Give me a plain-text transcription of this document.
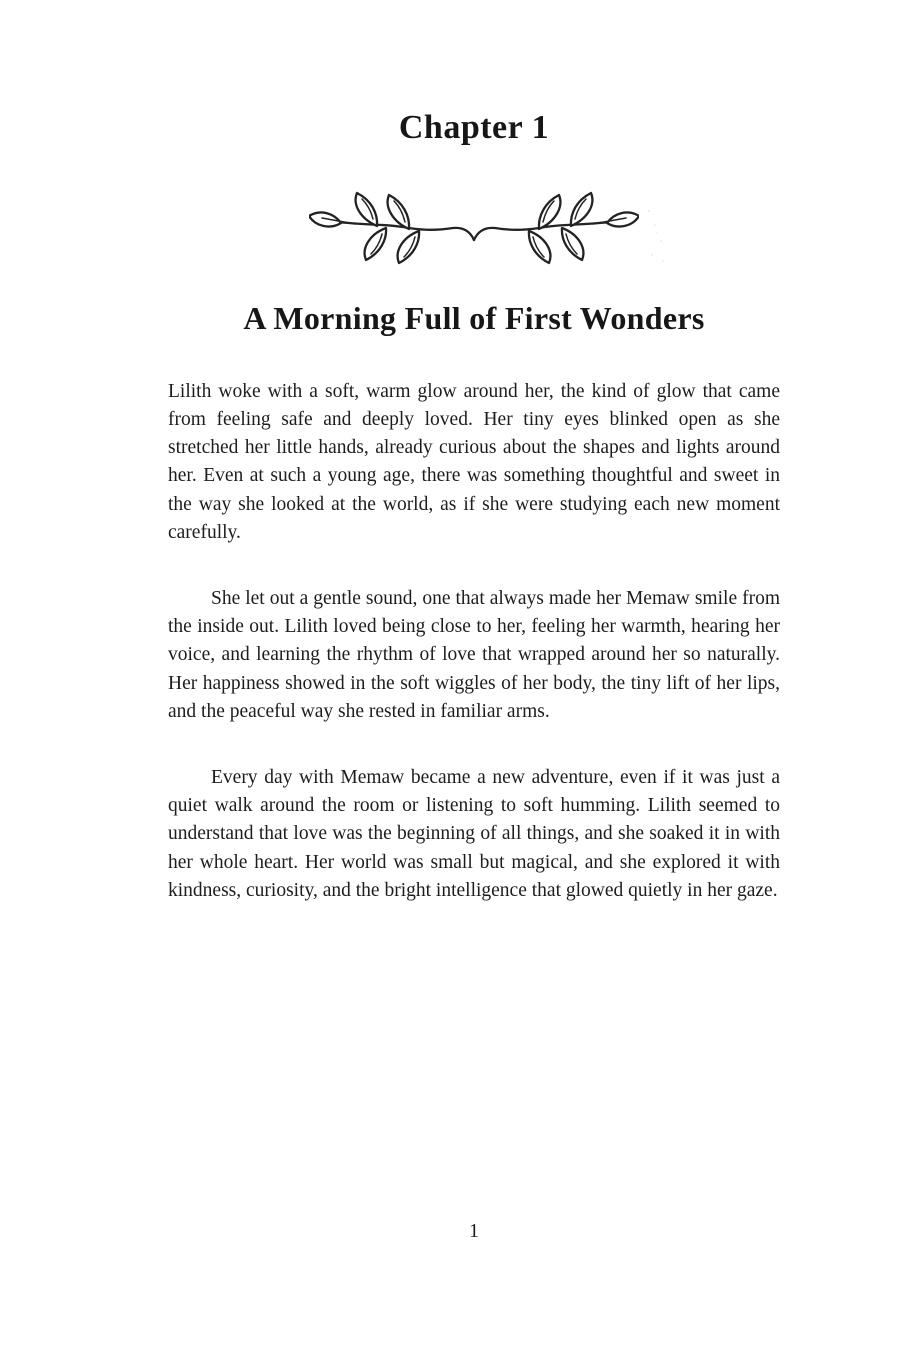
Chapter 1
A Morning Full of First Wonders

Lilith woke with a soft, warm glow around her, the kind of glow that came from feeling safe and deeply loved. Her tiny eyes blinked open as she stretched her little hands, already curious about the shapes and lights around her. Even at such a young age, there was something thoughtful and sweet in the way she looked at the world, as if she were studying each new moment carefully.

She let out a gentle sound, one that always made her Memaw smile from the inside out. Lilith loved being close to her, feeling her warmth, hearing her voice, and learning the rhythm of love that wrapped around her so naturally. Her happiness showed in the soft wiggles of her body, the tiny lift of her lips, and the peaceful way she rested in familiar arms.

Every day with Memaw became a new adventure, even if it was just a quiet walk around the room or listening to soft humming. Lilith seemed to understand that love was the beginning of all things, and she soaked it in with her whole heart. Her world was small but magical, and she explored it with kindness, curiosity, and the bright intelligence that glowed quietly in her gaze.

1
